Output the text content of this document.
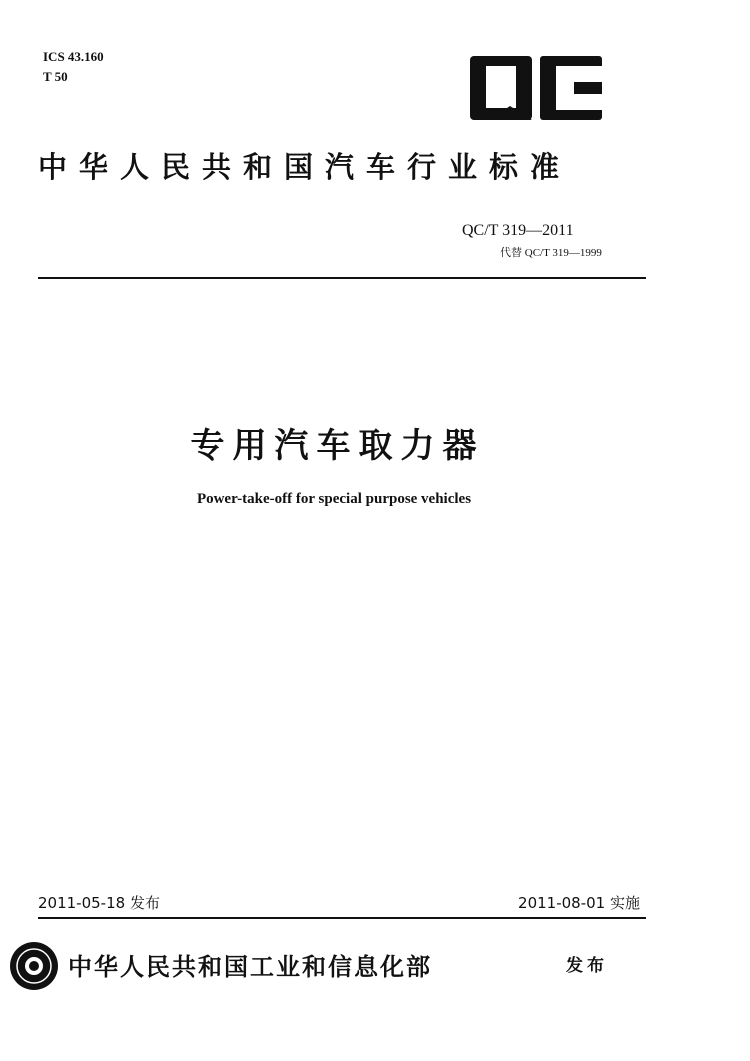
ICS 43.160
T 50
中华人民共和国汽车行业标准
QC/T 319—2011
代替 QC/T 319—1999
专用汽车取力器
Power-take-off for special purpose vehicles
2011-05-18 发布	2011-08-01 实施
中华人民共和国工业和信息化部	发布
